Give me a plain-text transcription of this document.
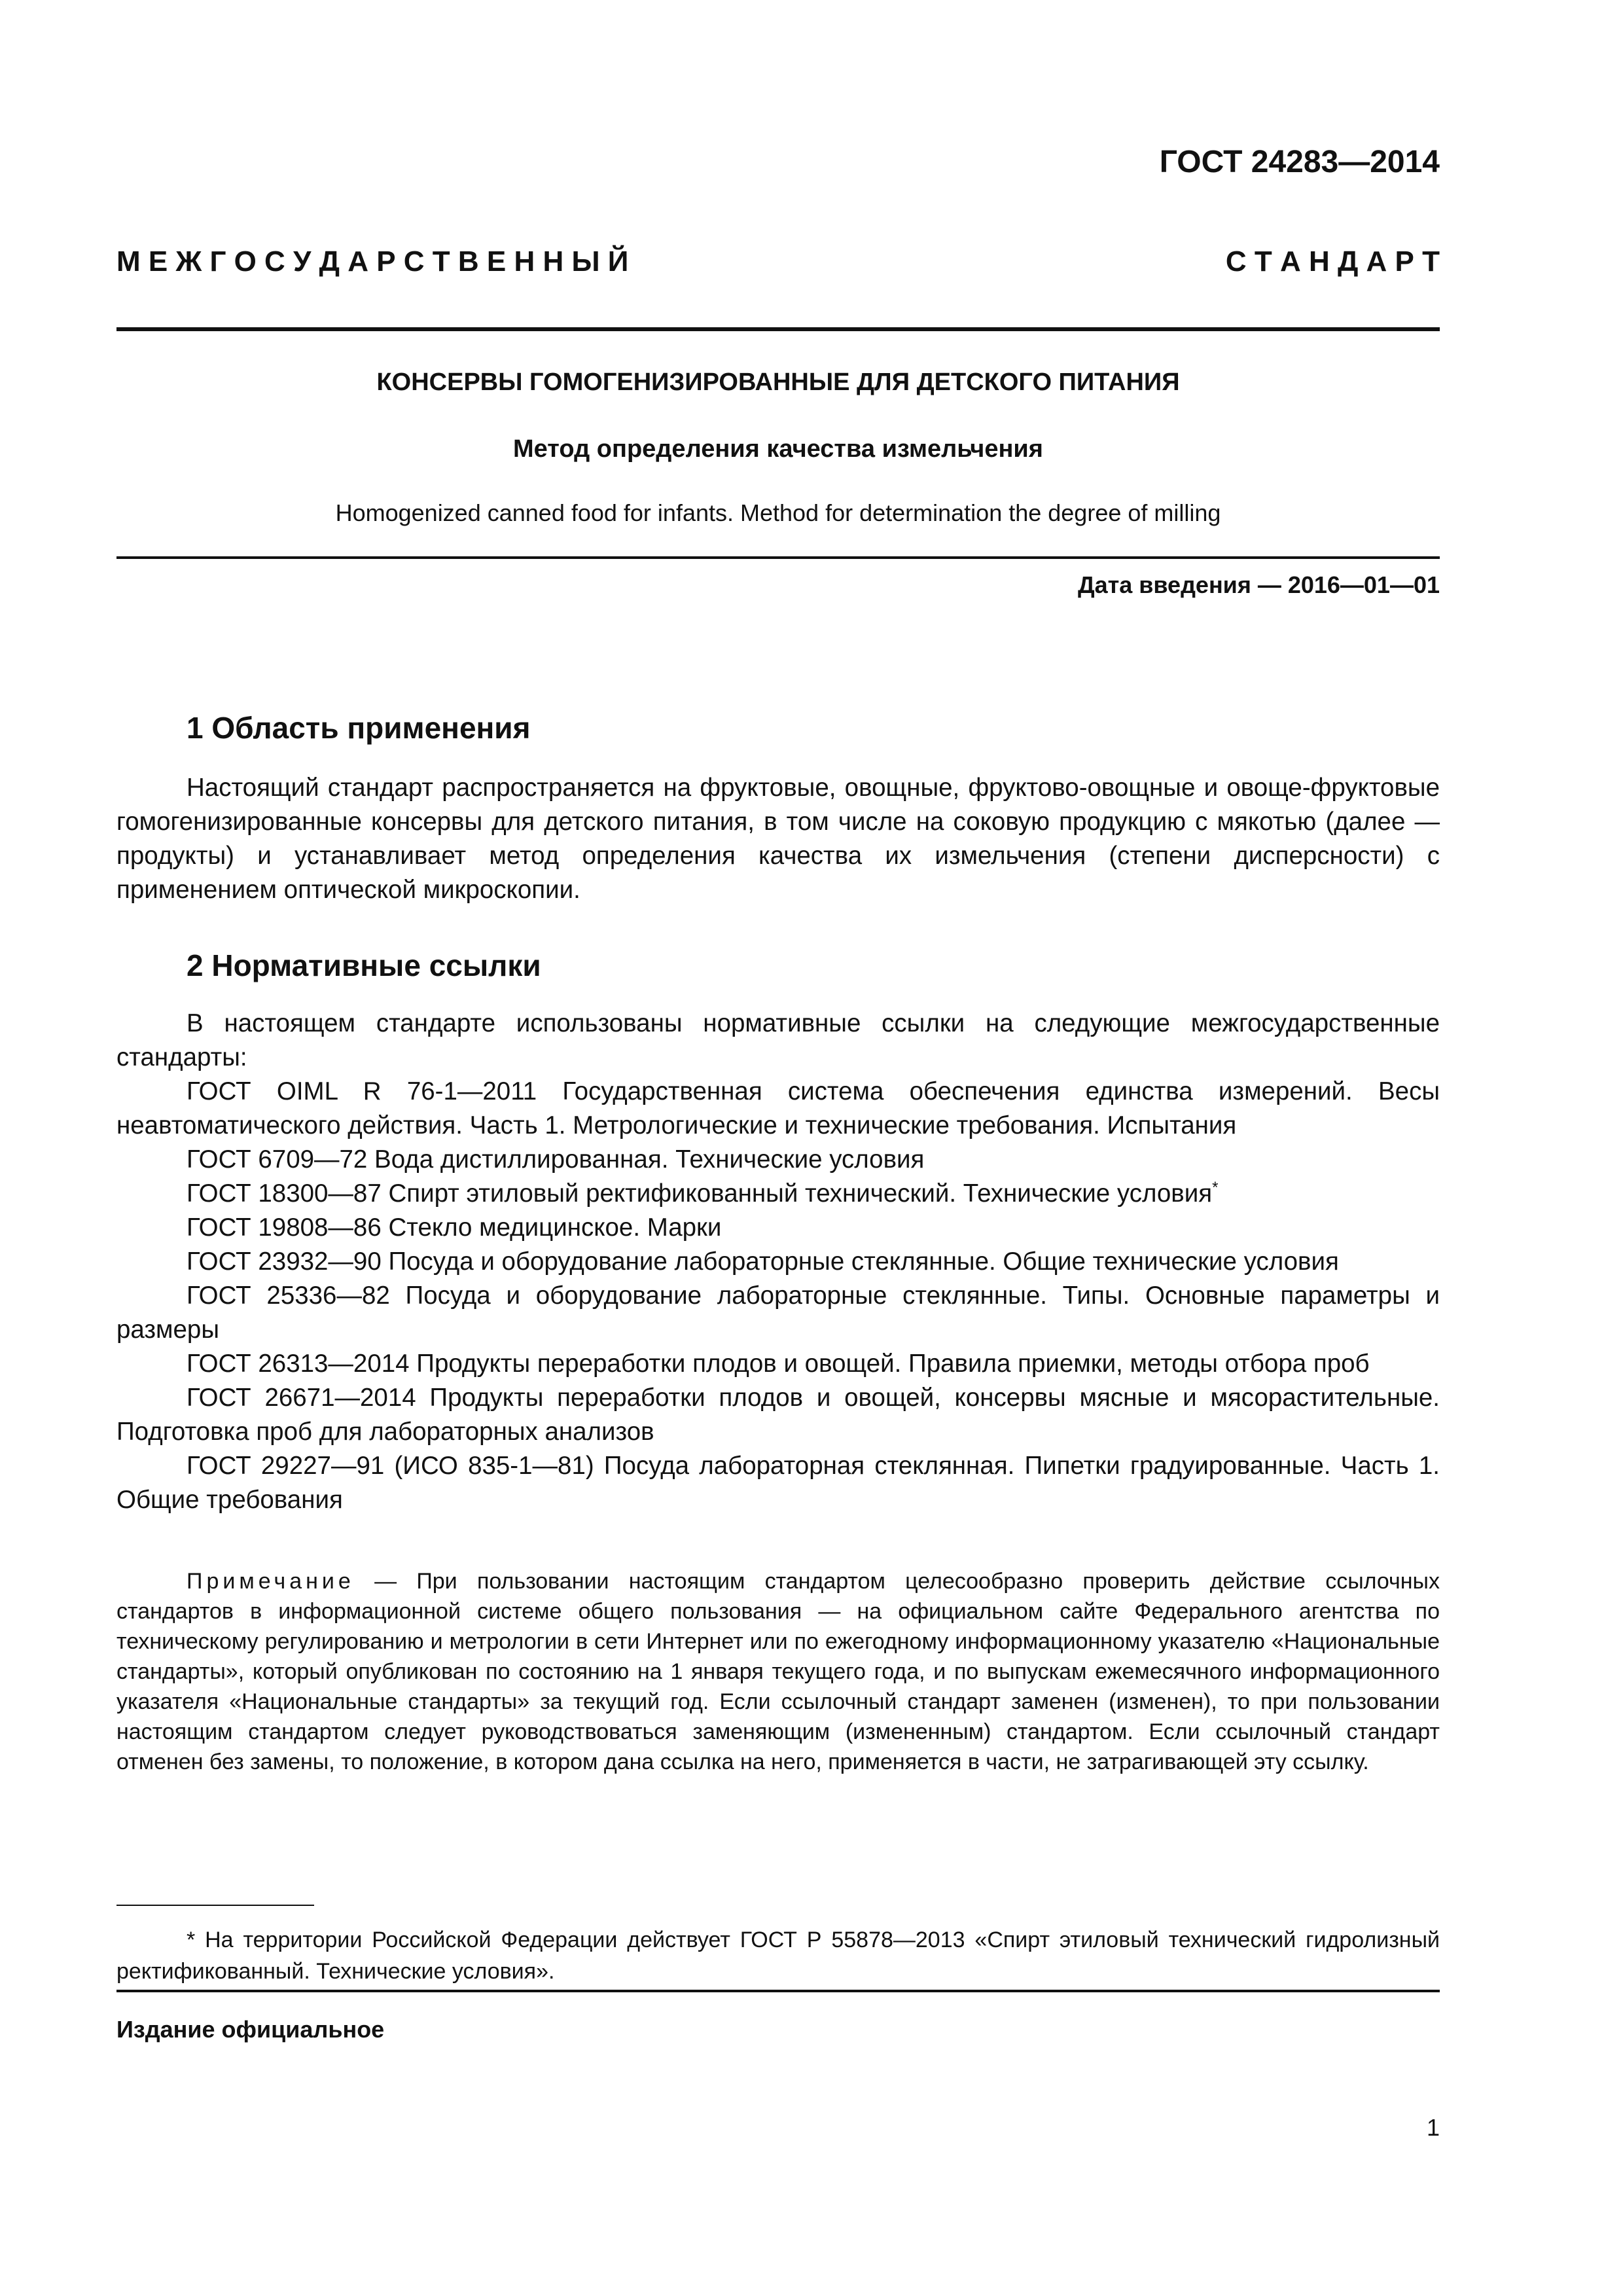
ГОСТ 24283—2014
М Е Ж Г О С У Д А Р С Т В Е Н Н Ы Й	С Т А Н Д А Р Т
КОНСЕРВЫ ГОМОГЕНИЗИРОВАННЫЕ ДЛЯ ДЕТСКОГО ПИТАНИЯ
Метод определения качества измельчения
Homogenized canned food for infants. Method for determination the degree of milling
Дата введения — 2016—01—01
1 Область применения

Настоящий стандарт распространяется на фруктовые, овощные, фруктово-овощные и овоще-фруктовые гомогенизированные консервы для детского питания, в том числе на соковую продукцию с мякотью (далее — продукты) и устанавливает метод определения качества их измельчения (степени дисперсности) с применением оптической микроскопии.

2 Нормативные ссылки

В настоящем стандарте использованы нормативные ссылки на следующие межгосударственные стандарты:

ГОСТ OIML R 76-1—2011 Государственная система обеспечения единства измерений. Весы неавтоматического действия. Часть 1. Метрологические и технические требования. Испытания
ГОСТ 6709—72 Вода дистиллированная. Технические условия
ГОСТ 18300—87 Спирт этиловый ректификованный технический. Технические условия*
ГОСТ 19808—86 Стекло медицинское. Марки
ГОСТ 23932—90 Посуда и оборудование лабораторные стеклянные. Общие технические условия
ГОСТ 25336—82 Посуда и оборудование лабораторные стеклянные. Типы. Основные параметры и размеры
ГОСТ 26313—2014 Продукты переработки плодов и овощей. Правила приемки, методы отбора проб
ГОСТ 26671—2014 Продукты переработки плодов и овощей, консервы мясные и мясорастительные. Подготовка проб для лабораторных анализов
ГОСТ 29227—91 (ИСО 835-1—81) Посуда лабораторная стеклянная. Пипетки градуированные. Часть 1. Общие требования

Примечание — При пользовании настоящим стандартом целесообразно проверить действие ссылочных стандартов в информационной системе общего пользования — на официальном сайте Федерального агентства по техническому регулированию и метрологии в сети Интернет или по ежегодному информационному указателю «Национальные стандарты», который опубликован по состоянию на 1 января текущего года, и по выпускам ежемесячного информационного указателя «Национальные стандарты» за текущий год. Если ссылочный стандарт заменен (изменен), то при пользовании настоящим стандартом следует руководствоваться заменяющим (измененным) стандартом. Если ссылочный стандарт отменен без замены, то положение, в котором дана ссылка на него, применяется в части, не затрагивающей эту ссылку.

* На территории Российской Федерации действует ГОСТ Р 55878—2013 «Спирт этиловый технический гидролизный ректификованный. Технические условия».

Издание официальное
1
